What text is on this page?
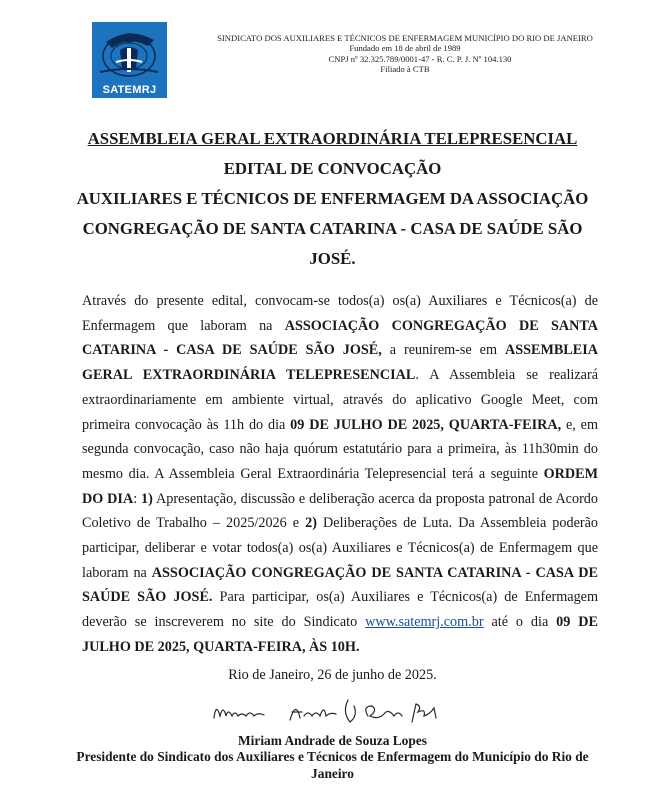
SATEMRJ
SINDICATO DOS AUXILIARES E TÉCNICOS DE ENFERMAGEM MUNICÍPIO DO RIO DE JANEIRO
Fundado em 18 de abril de 1989
CNPJ nº 32.325.789/0001-47 - R. C. P. J. Nº 104.130
Filiado à CTB
ASSEMBLEIA GERAL EXTRAORDINÁRIA TELEPRESENCIAL
EDITAL DE CONVOCAÇÃO
AUXILIARES E TÉCNICOS DE ENFERMAGEM DA ASSOCIAÇÃO
CONGREGAÇÃO DE SANTA CATARINA - CASA DE SAÚDE SÃO
JOSÉ.
Através do presente edital, convocam-se todos(a) os(a) Auxiliares e Técnicos(a) de Enfermagem que laboram na ASSOCIAÇÃO CONGREGAÇÃO DE SANTA CATARINA - CASA DE SAÚDE SÃO JOSÉ, a reunirem-se em ASSEMBLEIA GERAL EXTRAORDINÁRIA TELEPRESENCIAL. A Assembleia se realizará extraordinariamente em ambiente virtual, através do aplicativo Google Meet, com primeira convocação às 11h do dia 09 DE JULHO DE 2025, QUARTA-FEIRA, e, em segunda convocação, caso não haja quórum estatutário para a primeira, às 11h30min do mesmo dia. A Assembleia Geral Extraordinária Telepresencial terá a seguinte ORDEM DO DIA: 1) Apresentação, discussão e deliberação acerca da proposta patronal de Acordo Coletivo de Trabalho – 2025/2026 e 2) Deliberações de Luta. Da Assembleia poderão participar, deliberar e votar todos(a) os(a) Auxiliares e Técnicos(a) de Enfermagem que laboram na ASSOCIAÇÃO CONGREGAÇÃO DE SANTA CATARINA - CASA DE SAÚDE SÃO JOSÉ. Para participar, os(a) Auxiliares e Técnicos(a) de Enfermagem deverão se inscreverem no site do Sindicato www.satemrj.com.br até o dia 09 DE JULHO DE 2025, QUARTA-FEIRA, ÀS 10H.
Rio de Janeiro, 26 de junho de 2025.
Miriam Andrade de Souza Lopes
Presidente do Sindicato dos Auxiliares e Técnicos de Enfermagem do Município do Rio de Janeiro
